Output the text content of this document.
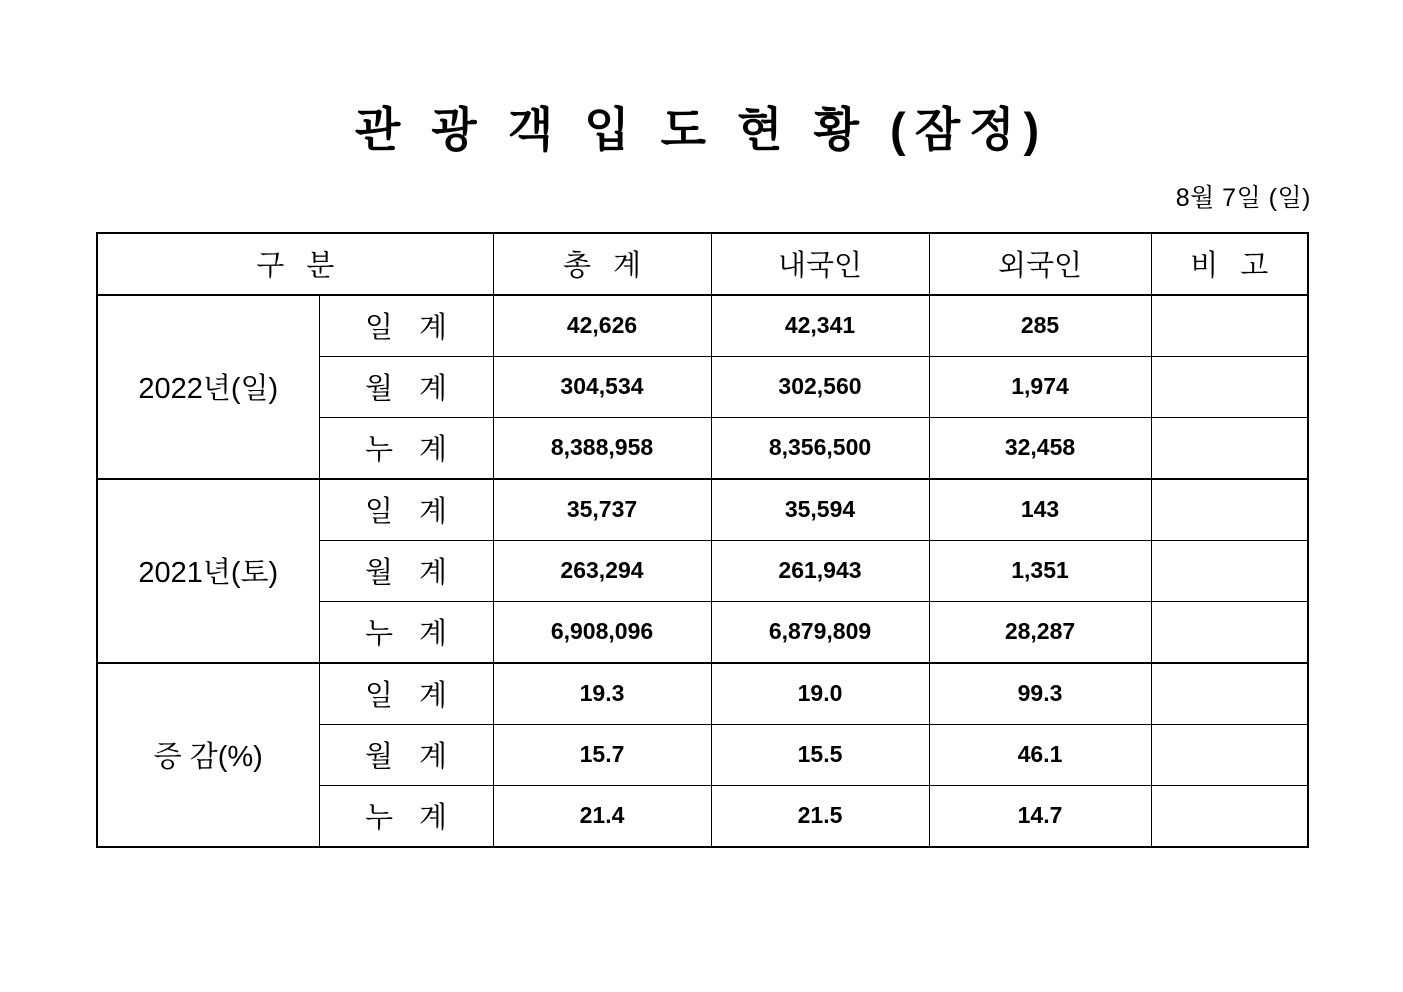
관 광 객 입 도 현 황 (잠정)
8월 7일 (일)
구 분		총 계	내국인	외국인	비 고
2022년(일)	일 계	42,626	42,341	285	
	월 계	304,534	302,560	1,974	
	누 계	8,388,958	8,356,500	32,458	
2021년(토)	일 계	35,737	35,594	143	
	월 계	263,294	261,943	1,351	
	누 계	6,908,096	6,879,809	28,287	
증 감(%)	일 계	19.3	19.0	99.3	
	월 계	15.7	15.5	46.1	
	누 계	21.4	21.5	14.7	
